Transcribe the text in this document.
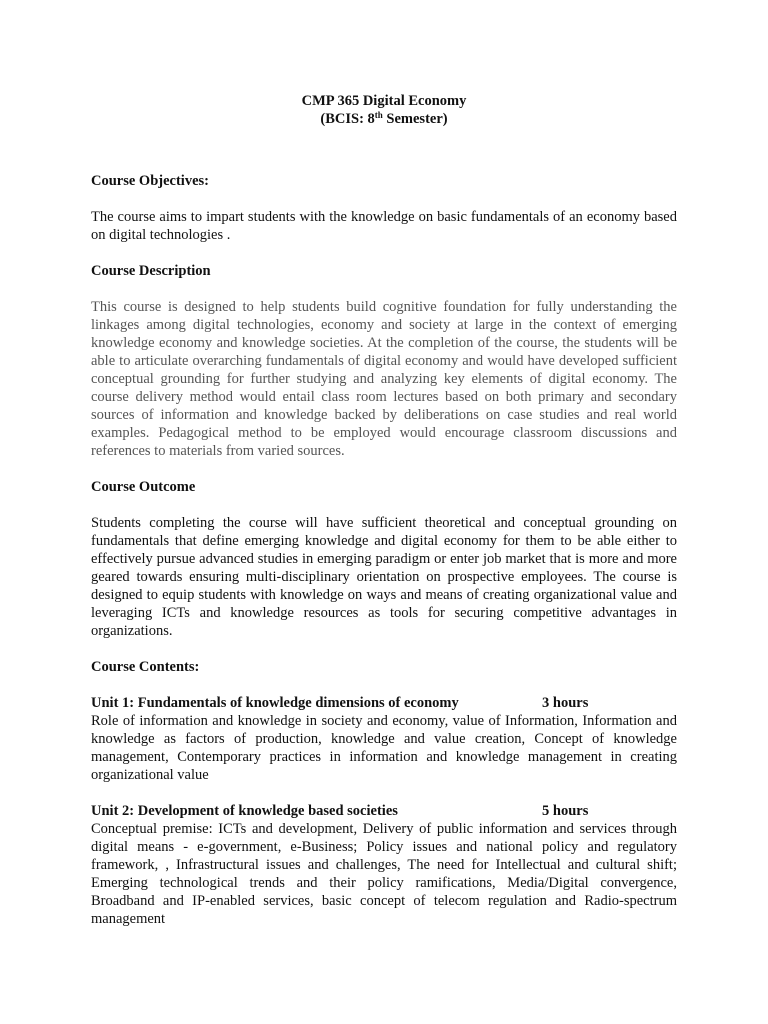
CMP 365 Digital Economy
(BCIS: 8th Semester)

Course Objectives:

The course aims to impart students with the knowledge on basic fundamentals of an economy based on digital technologies .

Course Description

This course is designed to help students build cognitive foundation for fully understanding the linkages among digital technologies, economy and society at large in the context of emerging knowledge economy and knowledge societies. At the completion of the course, the students will be able to articulate overarching fundamentals of digital economy and would have developed sufficient conceptual grounding for further studying and analyzing key elements of digital economy. The course delivery method would entail class room lectures based on both primary and secondary sources of information and knowledge backed by deliberations on case studies and real world examples. Pedagogical method to be employed would encourage classroom discussions and references to materials from varied sources.

Course Outcome

Students completing the course will have sufficient theoretical and conceptual grounding on fundamentals that define emerging knowledge and digital economy for them to be able either to effectively pursue advanced studies in emerging paradigm or enter job market that is more and more geared towards ensuring multi-disciplinary orientation on prospective employees. The course is designed to equip students with knowledge on ways and means of creating organizational value and leveraging ICTs and knowledge resources as tools for securing competitive advantages in organizations.

Course Contents:

Unit 1: Fundamentals of knowledge dimensions of economy	3 hours

Role of information and knowledge in society and economy, value of Information, Information and knowledge as factors of production, knowledge and value creation, Concept of knowledge management, Contemporary practices in information and knowledge management in creating organizational value

Unit 2: Development of knowledge based societies	5 hours

Conceptual premise: ICTs and development, Delivery of public information and services through digital means - e-government, e-Business; Policy issues and national policy and regulatory framework, , Infrastructural issues and challenges, The need for Intellectual and cultural shift; Emerging technological trends and their policy ramifications, Media/Digital convergence, Broadband and IP-enabled services, basic concept of telecom regulation and Radio-spectrum management
